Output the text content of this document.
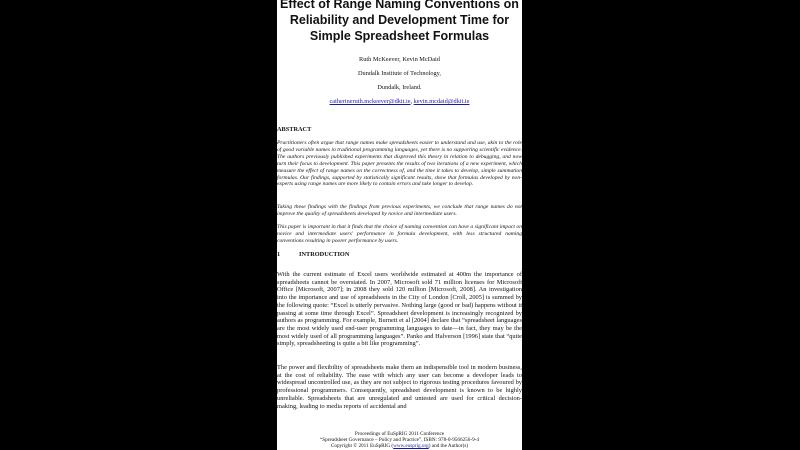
Effect of Range Naming Conventions on Reliability and Development Time for Simple Spreadsheet Formulas
Ruth McKeever, Kevin McDaid
Dundalk Institute of Technology,
Dundalk, Ireland.
catherineruth.mckeever@dkit.ie, kevin.mcdaid@dkit.ie
ABSTRACT

Practitioners often argue that range names make spreadsheets easier to understand and use, akin to the role of good variable names in traditional programming languages, yet there is no supporting scientific evidence. The authors previously published experiments that disproved this theory in relation to debugging, and now turn their focus to development. This paper presents the results of two iterations of a new experiment, which measure the effect of range names on the correctness of, and the time it takes to develop, simple summation formulas. Our findings, supported by statistically significant results, show that formulas developed by non-experts using range names are more likely to contain errors and take longer to develop.

Taking these findings with the findings from previous experiments, we conclude that range names do not improve the quality of spreadsheets developed by novice and intermediate users.

This paper is important in that it finds that the choice of naming convention can have a significant impact on novice and intermediate users' performance in formula development, with less structured naming conventions resulting in poorer performance by users.

1	INTRODUCTION

With the current estimate of Excel users worldwide estimated at 400m the importance of spreadsheets cannot be overstated. In 2007, Microsoft sold 71 million licenses for Microsoft Office [Microsoft, 2007]; in 2008 they sold 120 million [Microsoft, 2008]. An investigation into the importance and use of spreadsheets in the City of London [Croll, 2005] is summed by the following quote: “Excel is utterly pervasive. Nothing large (good or bad) happens without it passing at some time through Excel”. Spreadsheet development is increasingly recognized by authors as programming. For example, Burnett et al [2004] declare that “spreadsheet languages are the most widely used end-user programming languages to date—in fact, they may be the most widely used of all programming languages”. Panko and Halverson [1996] state that “quite simply, spreadsheeting is quite a bit like programming”.

The power and flexibility of spreadsheets make them an indispensible tool in modern business, at the cost of reliability. The ease with which any user can become a developer leads to widespread uncontrolled use, as they are not subject to rigorous testing procedures favoured by professional programmers. Consequently, spreadsheet development is known to be highly unreliable. Spreadsheets that are unregulated and untested are used for critical decision-making, leading to media reports of accidental and

Proceedings of EuSpRIG 2011 Conference
“Spreadsheet Governance – Policy and Practice”, ISBN: 978-0-9566256-9-4
Copyright © 2011 EuSpRIG (www.eusprig.org) and the Author(s)
